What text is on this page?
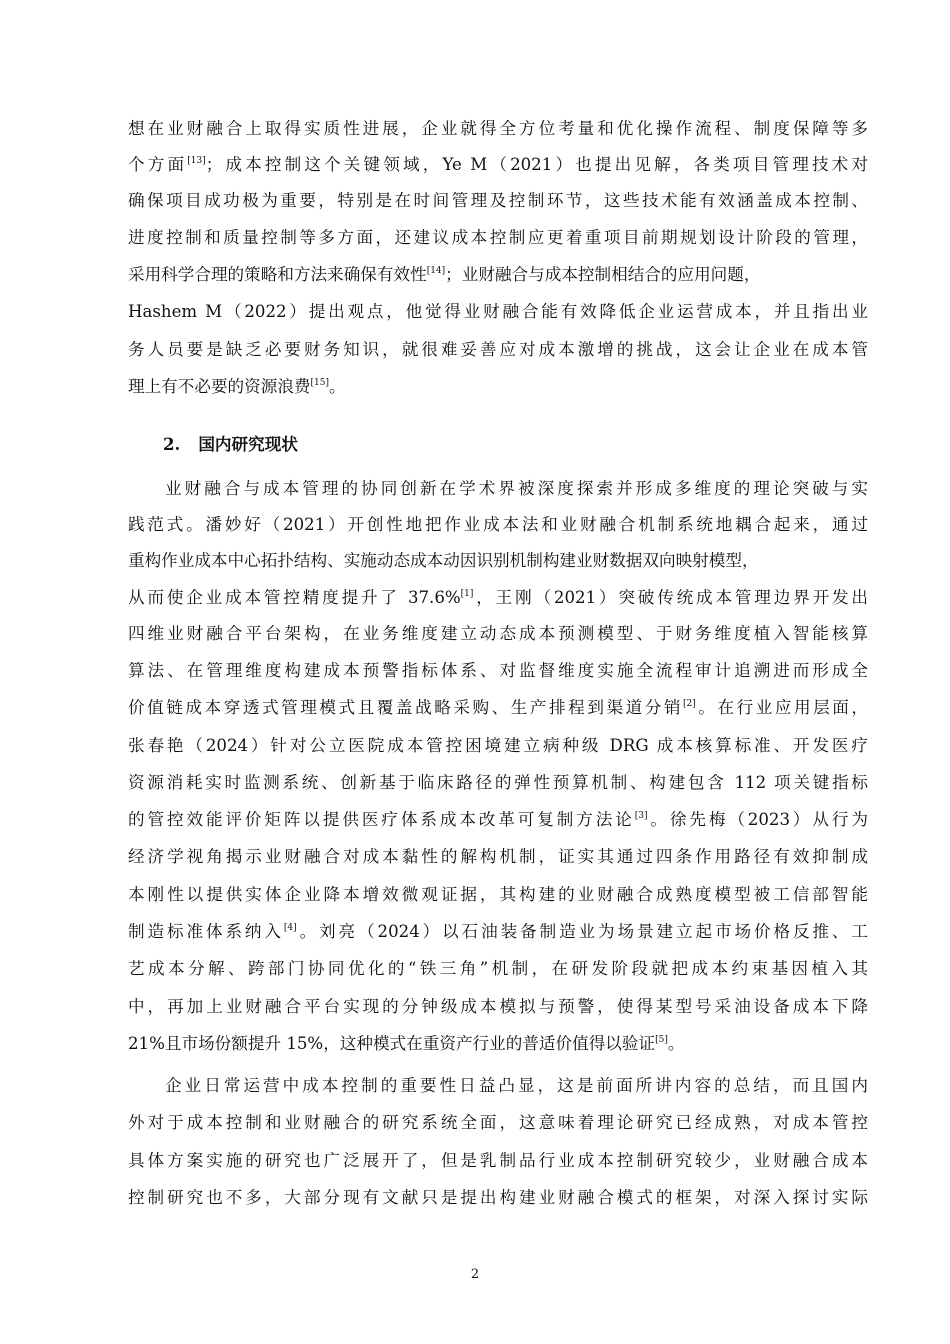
想在业财融合上取得实质性进展，企业就得全方位考量和优化操作流程、制度保障等多
个方面[13]；成本控制这个关键领域，Ye M（2021）也提出见解，各类项目管理技术对
确保项目成功极为重要，特别是在时间管理及控制环节，这些技术能有效涵盖成本控制、
进度控制和质量控制等多方面，还建议成本控制应更着重项目前期规划设计阶段的管理，
采用科学合理的策略和方法来确保有效性[14]；业财融合与成本控制相结合的应用问题，
Hashem M（2022）提出观点，他觉得业财融合能有效降低企业运营成本，并且指出业
务人员要是缺乏必要财务知识，就很难妥善应对成本激增的挑战，这会让企业在成本管
理上有不必要的资源浪费[15]。
2. 国内研究现状
业财融合与成本管理的协同创新在学术界被深度探索并形成多维度的理论突破与实
践范式。潘妙好（2021）开创性地把作业成本法和业财融合机制系统地耦合起来，通过
重构作业成本中心拓扑结构、实施动态成本动因识别机制构建业财数据双向映射模型，
从而使企业成本管控精度提升了 37.6%[1]，王刚（2021）突破传统成本管理边界开发出
四维业财融合平台架构，在业务维度建立动态成本预测模型、于财务维度植入智能核算
算法、在管理维度构建成本预警指标体系、对监督维度实施全流程审计追溯进而形成全
价值链成本穿透式管理模式且覆盖战略采购、生产排程到渠道分销[2]。在行业应用层面，
张春艳（2024）针对公立医院成本管控困境建立病种级 DRG 成本核算标准、开发医疗
资源消耗实时监测系统、创新基于临床路径的弹性预算机制、构建包含 112 项关键指标
的管控效能评价矩阵以提供医疗体系成本改革可复制方法论[3]。徐先梅（2023）从行为
经济学视角揭示业财融合对成本黏性的解构机制，证实其通过四条作用路径有效抑制成
本刚性以提供实体企业降本增效微观证据，其构建的业财融合成熟度模型被工信部智能
制造标准体系纳入[4]。刘亮（2024）以石油装备制造业为场景建立起市场价格反推、工
艺成本分解、跨部门协同优化的“铁三角”机制，在研发阶段就把成本约束基因植入其
中，再加上业财融合平台实现的分钟级成本模拟与预警，使得某型号采油设备成本下降
21%且市场份额提升 15%，这种模式在重资产行业的普适价值得以验证[5]。
企业日常运营中成本控制的重要性日益凸显，这是前面所讲内容的总结，而且国内
外对于成本控制和业财融合的研究系统全面，这意味着理论研究已经成熟，对成本管控
具体方案实施的研究也广泛展开了，但是乳制品行业成本控制研究较少，业财融合成本
控制研究也不多，大部分现有文献只是提出构建业财融合模式的框架，对深入探讨实际
2
